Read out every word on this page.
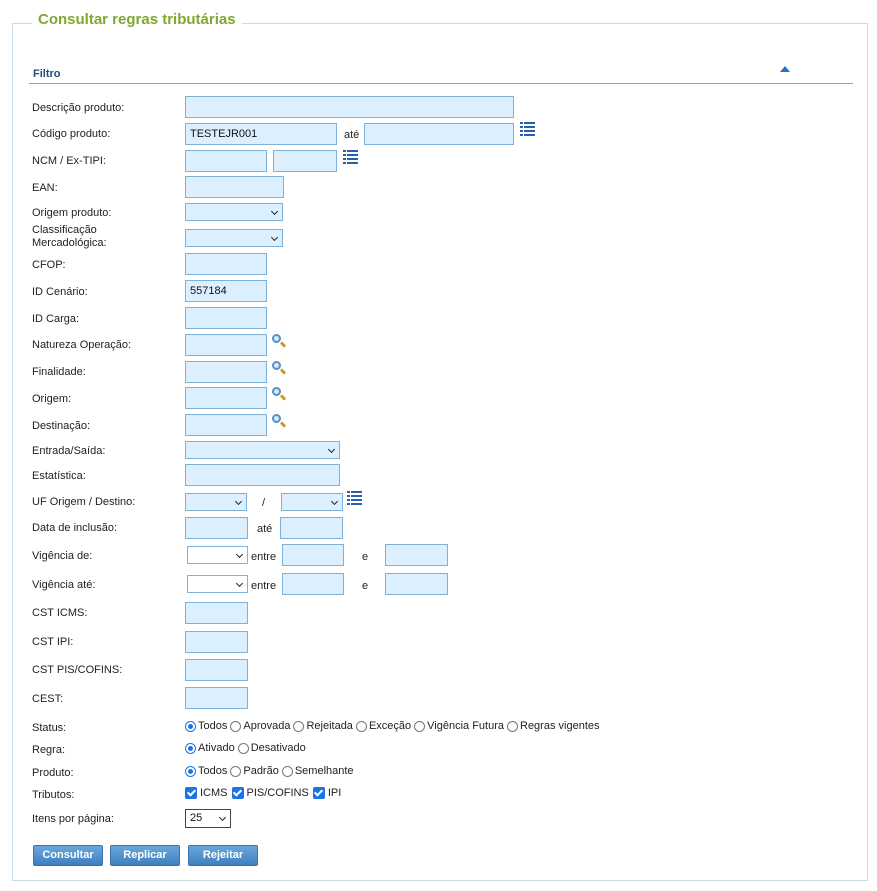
Consultar regras tributárias
Filtro
Descrição produto:
Código produto:	TESTEJR001	até
NCM / Ex-TIPI:
EAN:
Origem produto:
Classificação
Mercadológica:
CFOP:
ID Cenário:	557184
ID Carga:
Natureza Operação:
Finalidade:
Origem:
Destinação:
Entrada/Saída:
Estatística:
UF Origem / Destino:	/
Data de inclusão:	até
Vigência de:	entre	e
Vigência até:	entre	e
CST ICMS:
CST IPI:
CST PIS/COFINS:
CEST:
Status:	Todos Aprovada Rejeitada Exceção Vigência Futura Regras vigentes
Regra:	Ativado Desativado
Produto:	Todos Padrão Semelhante
Tributos:	ICMS PIS/COFINS IPI
Itens por página:	25
Consultar	Replicar	Rejeitar
